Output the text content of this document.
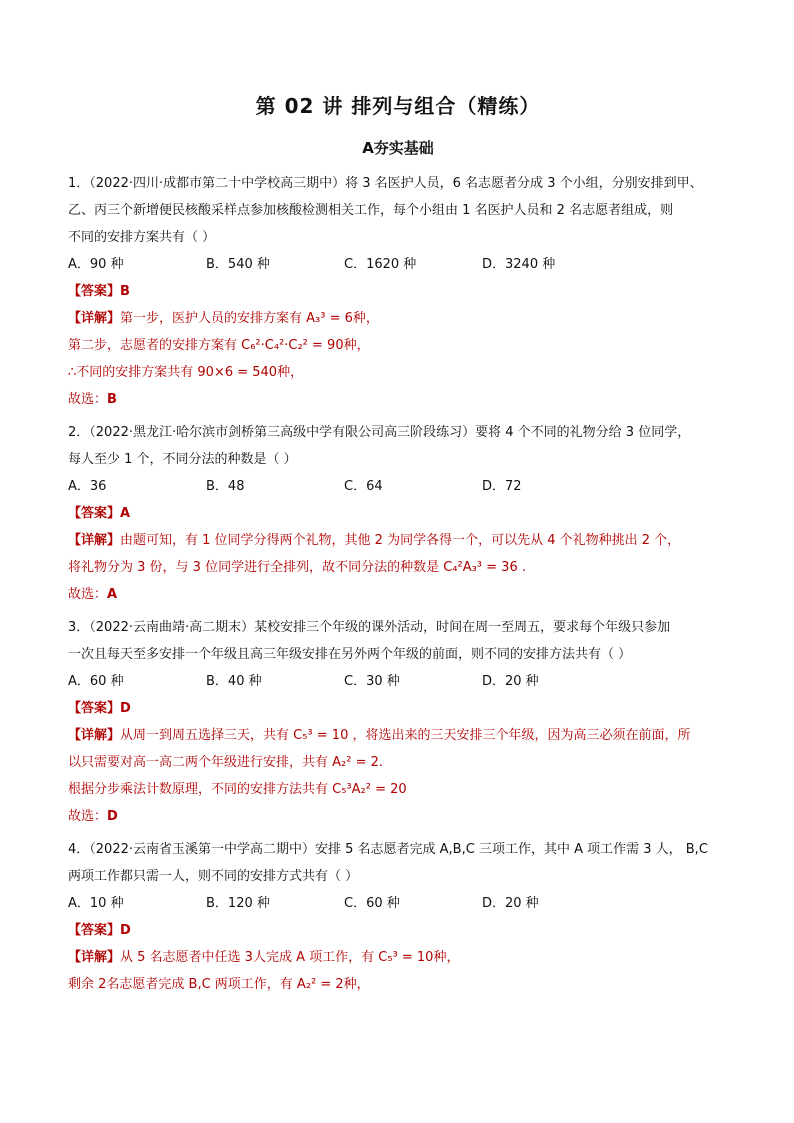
第 02 讲 排列与组合（精练）
A夯实基础

1．（2022·四川·成都市第二十中学校高三期中）将 3 名医护人员，6 名志愿者分成 3 个小组，分别安排到甲、

乙、丙三个新增便民核酸采样点参加核酸检测相关工作，每个小组由 1 名医护人员和 2 名志愿者组成，则

不同的安排方案共有（ ）

A．90 种	B．540 种	C．1620 种	D．3240 种

【答案】B

【详解】第一步，医护人员的安排方案有 A₃³ = 6种，

第二步，志愿者的安排方案有 C₆²·C₄²·C₂² = 90种，

∴不同的安排方案共有 90×6 = 540种，

故选：B

2．（2022·黑龙江·哈尔滨市剑桥第三高级中学有限公司高三阶段练习）要将 4 个不同的礼物分给 3 位同学，

每人至少 1 个，不同分法的种数是（ ）

A．36	B．48	C．64	D．72

【答案】A

【详解】由题可知，有 1 位同学分得两个礼物，其他 2 为同学各得一个，可以先从 4 个礼物种挑出 2 个，

将礼物分为 3 份，与 3 位同学进行全排列，故不同分法的种数是 C₄²A₃³ = 36 .

故选：A

3．（2022·云南曲靖·高二期末）某校安排三个年级的课外活动，时间在周一至周五，要求每个年级只参加

一次且每天至多安排一个年级且高三年级安排在另外两个年级的前面，则不同的安排方法共有（ ）

A．60 种	B．40 种	C．30 种	D．20 种

【答案】D

【详解】从周一到周五选择三天，共有 C₅³ = 10 ，将选出来的三天安排三个年级，因为高三必须在前面，所

以只需要对高一高二两个年级进行安排，共有 A₂² = 2.

根据分步乘法计数原理，不同的安排方法共有 C₅³A₂² = 20

故选：D

4．（2022·云南省玉溪第一中学高二期中）安排 5 名志愿者完成 A,B,C 三项工作，其中 A 项工作需 3 人， B,C

两项工作都只需一人，则不同的安排方式共有（ ）

A．10 种	B．120 种	C．60 种	D．20 种

【答案】D

【详解】从 5 名志愿者中任选 3人完成 A 项工作，有 C₅³ = 10种，

剩余 2名志愿者完成 B,C 两项工作，有 A₂² = 2种，
